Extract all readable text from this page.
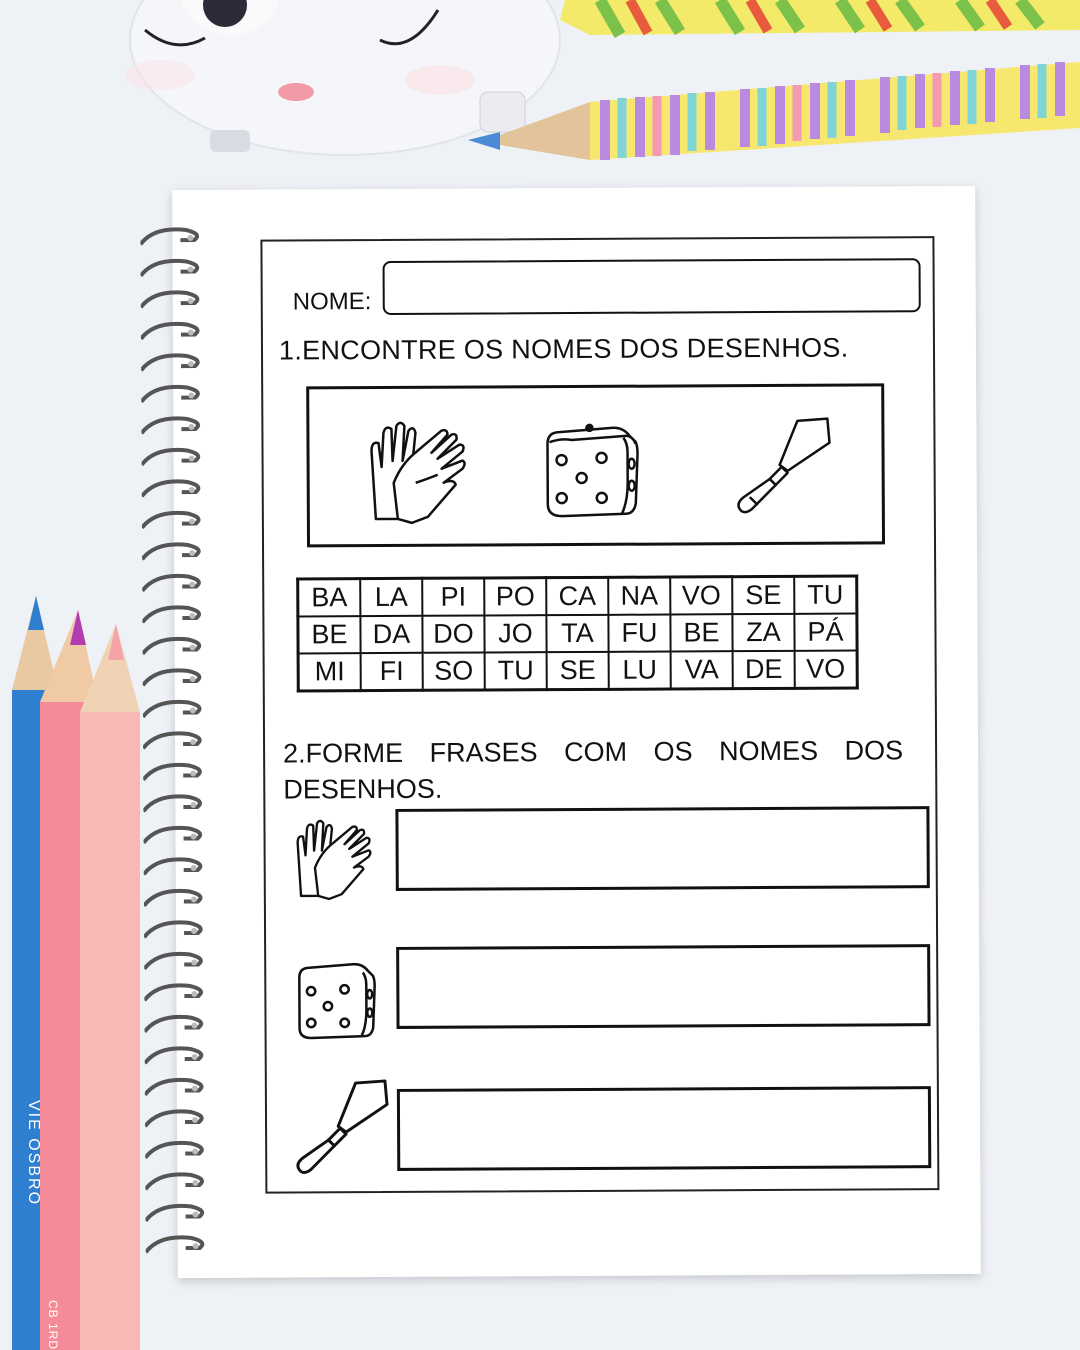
VIE OSBRO
CB 1RD
NOME:
1.ENCONTRE OS NOMES DOS DESENHOS.
BA	LA	PI	PO	CA	NA	VO	SE	TU
BE	DA	DO	JO	TA	FU	BE	ZA	PÁ
MI	FI	SO	TU	SE	LU	VA	DE	VO
2.FORME FRASES COM OS NOMES DOS DESENHOS.
